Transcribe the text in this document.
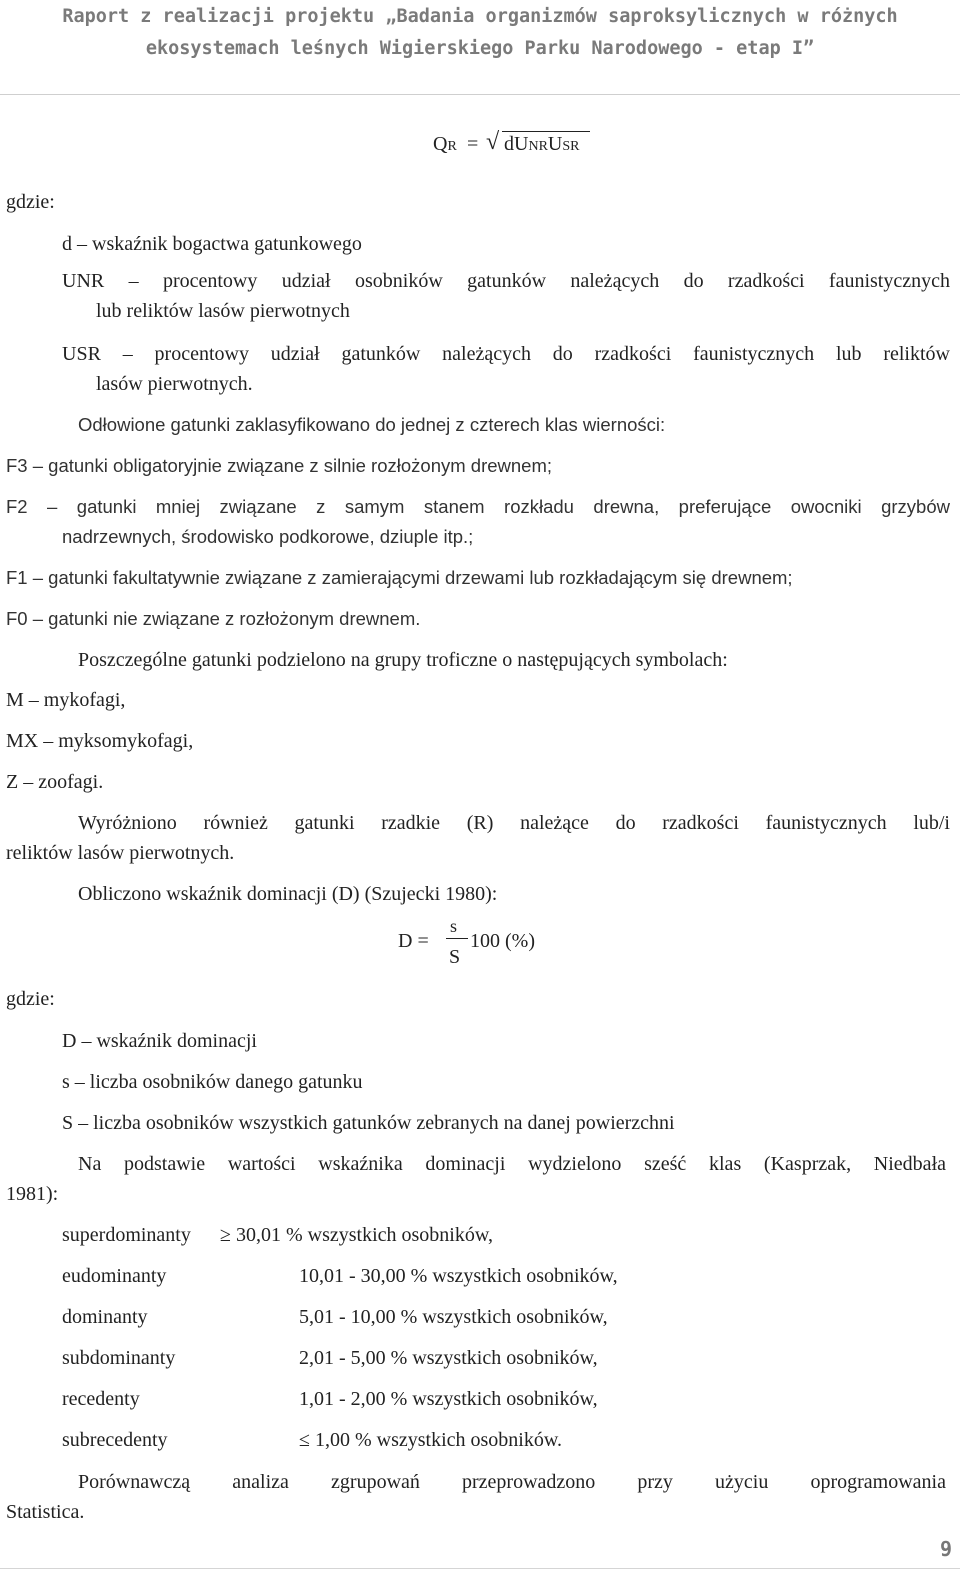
Raport z realizacji projektu „Badania organizmów saproksylicznych w różnych
ekosystemach leśnych Wigierskiego Parku Narodowego - etap I”
QR = √ dUNRUSR
gdzie:
d – wskaźnik bogactwa gatunkowego
UNR – procentowy udział osobników gatunków należących do rzadkości faunistycznych
lub reliktów lasów pierwotnych
USR – procentowy udział gatunków należących do rzadkości faunistycznych lub reliktów
lasów pierwotnych.
Odłowione gatunki zaklasyfikowano do jednej z czterech klas wierności:
F3 – gatunki obligatoryjnie związane z silnie rozłożonym drewnem;
F2 – gatunki mniej związane z samym stanem rozkładu drewna, preferujące owocniki grzybów
nadrzewnych, środowisko podkorowe, dziuple itp.;
F1 – gatunki fakultatywnie związane z zamierającymi drzewami lub rozkładającym się drewnem;
F0 – gatunki nie związane z rozłożonym drewnem.
Poszczególne gatunki podzielono na grupy troficzne o następujących symbolach:
M – mykofagi,
MX – myksomykofagi,
Z – zoofagi.
Wyróżniono również gatunki rzadkie (R) należące do rzadkości faunistycznych lub/i
reliktów lasów pierwotnych.
Obliczono wskaźnik dominacji (D) (Szujecki 1980):
D =
s
S
100 (%)
gdzie:
D – wskaźnik dominacji
s – liczba osobników danego gatunku
S – liczba osobników wszystkich gatunków zebranych na danej powierzchni
Na podstawie wartości wskaźnika dominacji wydzielono sześć klas (Kasprzak, Niedbała
1981):
superdominanty ≥ 30,01 % wszystkich osobników,
eudominanty	10,01 - 30,00 % wszystkich osobników,
dominanty	5,01 - 10,00 % wszystkich osobników,
subdominanty	2,01 - 5,00 % wszystkich osobników,
recedenty	1,01 - 2,00 % wszystkich osobników,
subrecedenty	≤ 1,00 % wszystkich osobników.
Porównawczą analiza zgrupowań przeprowadzono przy użyciu oprogramowania
Statistica.
9
